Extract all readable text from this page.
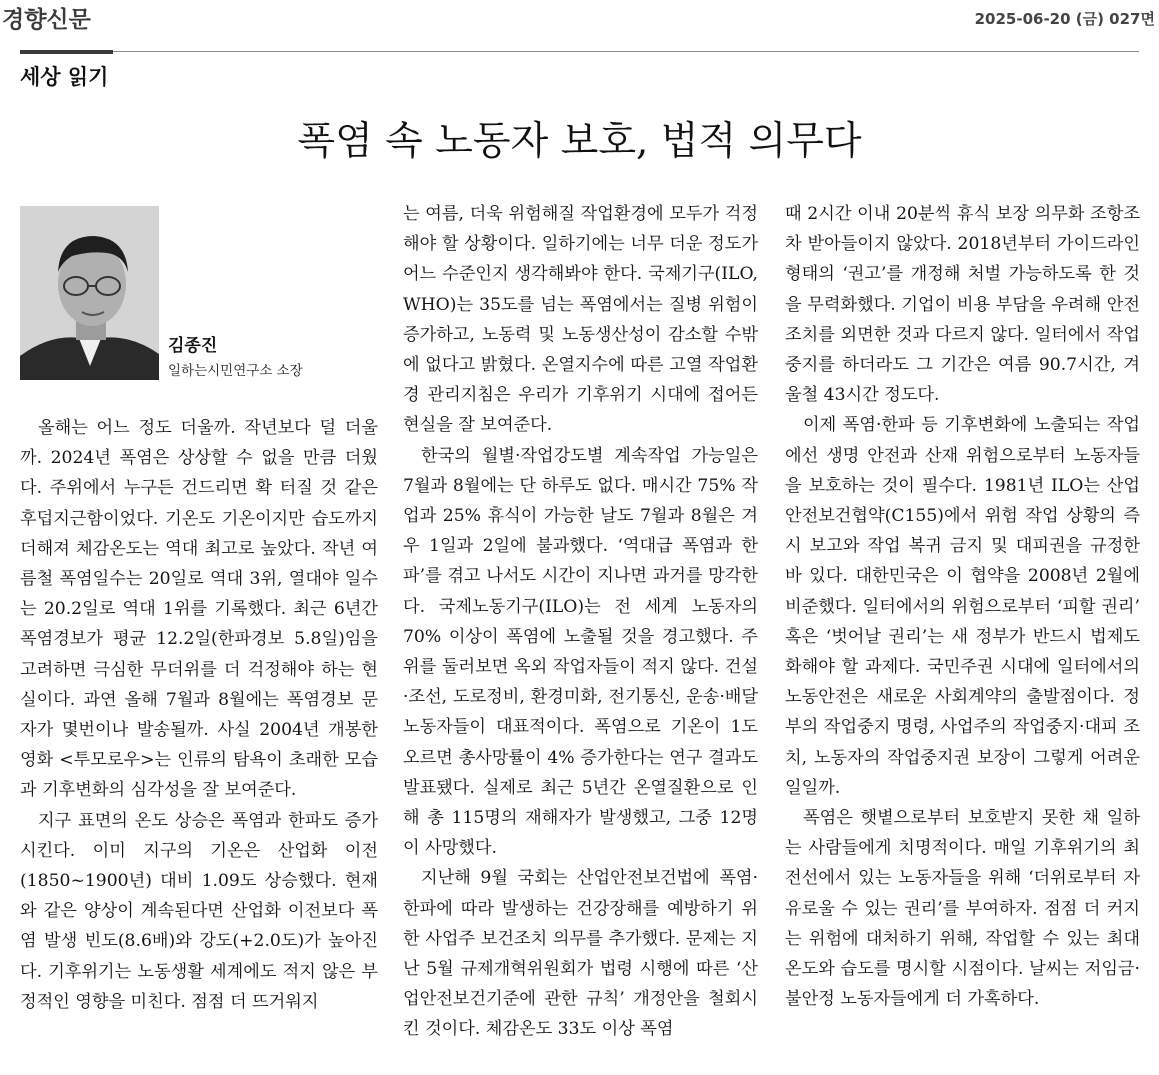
경향신문	2025-06-20 (금) 027면
세상 읽기
폭염 속 노동자 보호, 법적 의무다
김종진
일하는시민연구소 소장

올해는 어느 정도 더울까. 작년보다 덜 더울까. 2024년 폭염은 상상할 수 없을 만큼 더웠다. 주위에서 누구든 건드리면 확 터질 것 같은 후덥지근함이었다. 기온도 기온이지만 습도까지 더해져 체감온도는 역대 최고로 높았다. 작년 여름철 폭염일수는 20일로 역대 3위, 열대야 일수는 20.2일로 역대 1위를 기록했다. 최근 6년간 폭염경보가 평균 12.2일(한파경보 5.8일)임을 고려하면 극심한 무더위를 더 걱정해야 하는 현실이다. 과연 올해 7월과 8월에는 폭염경보 문자가 몇번이나 발송될까. 사실 2004년 개봉한 영화 <투모로우>는 인류의 탐욕이 초래한 모습과 기후변화의 심각성을 잘 보여준다.

지구 표면의 온도 상승은 폭염과 한파도 증가시킨다. 이미 지구의 기온은 산업화 이전(1850~1900년) 대비 1.09도 상승했다. 현재와 같은 양상이 계속된다면 산업화 이전보다 폭염 발생 빈도(8.6배)와 강도(+2.0도)가 높아진다. 기후위기는 노동생활 세계에도 적지 않은 부정적인 영향을 미친다. 점점 더 뜨거워지

는 여름, 더욱 위험해질 작업환경에 모두가 걱정해야 할 상황이다. 일하기에는 너무 더운 정도가 어느 수준인지 생각해봐야 한다. 국제기구(ILO, WHO)는 35도를 넘는 폭염에서는 질병 위험이 증가하고, 노동력 및 노동생산성이 감소할 수밖에 없다고 밝혔다. 온열지수에 따른 고열 작업환경 관리지침은 우리가 기후위기 시대에 접어든 현실을 잘 보여준다.

한국의 월별·작업강도별 계속작업 가능일은 7월과 8월에는 단 하루도 없다. 매시간 75% 작업과 25% 휴식이 가능한 날도 7월과 8월은 겨우 1일과 2일에 불과했다. ‘역대급 폭염과 한파’를 겪고 나서도 시간이 지나면 과거를 망각한다. 국제노동기구(ILO)는 전 세계 노동자의 70% 이상이 폭염에 노출될 것을 경고했다. 주위를 둘러보면 옥외 작업자들이 적지 않다. 건설·조선, 도로정비, 환경미화, 전기통신, 운송·배달 노동자들이 대표적이다. 폭염으로 기온이 1도 오르면 총사망률이 4% 증가한다는 연구 결과도 발표됐다. 실제로 최근 5년간 온열질환으로 인해 총 115명의 재해자가 발생했고, 그중 12명이 사망했다.

지난해 9월 국회는 산업안전보건법에 폭염·한파에 따라 발생하는 건강장해를 예방하기 위한 사업주 보건조치 의무를 추가했다. 문제는 지난 5월 규제개혁위원회가 법령 시행에 따른 ‘산업안전보건기준에 관한 규칙’ 개정안을 철회시킨 것이다. 체감온도 33도 이상 폭염

때 2시간 이내 20분씩 휴식 보장 의무화 조항조차 받아들이지 않았다. 2018년부터 가이드라인 형태의 ‘권고’를 개정해 처벌 가능하도록 한 것을 무력화했다. 기업이 비용 부담을 우려해 안전조치를 외면한 것과 다르지 않다. 일터에서 작업중지를 하더라도 그 기간은 여름 90.7시간, 겨울철 43시간 정도다.

이제 폭염·한파 등 기후변화에 노출되는 작업에선 생명 안전과 산재 위험으로부터 노동자들을 보호하는 것이 필수다. 1981년 ILO는 산업안전보건협약(C155)에서 위험 작업 상황의 즉시 보고와 작업 복귀 금지 및 대피권을 규정한 바 있다. 대한민국은 이 협약을 2008년 2월에 비준했다. 일터에서의 위험으로부터 ‘피할 권리’ 혹은 ‘벗어날 권리’는 새 정부가 반드시 법제도화해야 할 과제다. 국민주권 시대에 일터에서의 노동안전은 새로운 사회계약의 출발점이다. 정부의 작업중지 명령, 사업주의 작업중지·대피 조치, 노동자의 작업중지권 보장이 그렇게 어려운 일일까.

폭염은 햇볕으로부터 보호받지 못한 채 일하는 사람들에게 치명적이다. 매일 기후위기의 최전선에서 있는 노동자들을 위해 ‘더위로부터 자유로울 수 있는 권리’를 부여하자. 점점 더 커지는 위험에 대처하기 위해, 작업할 수 있는 최대 온도와 습도를 명시할 시점이다. 날씨는 저임금·불안정 노동자들에게 더 가혹하다.
